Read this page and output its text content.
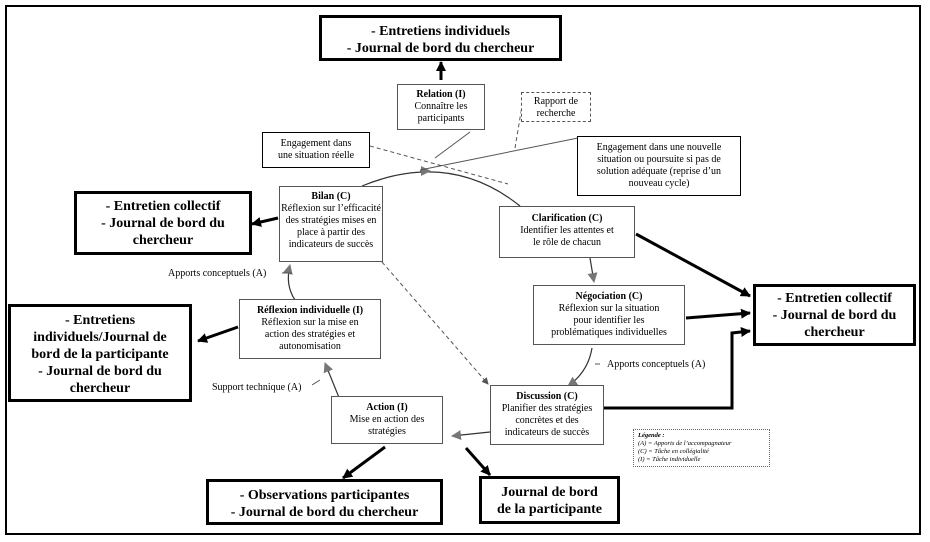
- Entretiens individuels
- Journal de bord du chercheur
- Entretien collectif
- Journal de bord du
chercheur
- Entretiens
individuels/Journal de
bord de la participante
- Journal de bord du
chercheur
- Observations participantes
- Journal de bord du chercheur
Journal de bord
de la participante
- Entretien collectif
- Journal de bord du
chercheur
Relation (I)
Connaître les
participants
Clarification (C)
Identifier les attentes et
le rôle de chacun
Négociation (C)
Réflexion sur la situation
pour identifier les
problématiques individuelles
Discussion (C)
Planifier des stratégies
concrètes et des
indicateurs de succès
Action (I)
Mise en action des
stratégies
Réflexion individuelle (I)
Réflexion sur la mise en
action des stratégies et
autonomisation
Bilan (C)
Réflexion sur l’efficacité
des stratégies mises en
place à partir des
indicateurs de succès
Rapport de
recherche
Engagement dans
une situation réelle
Engagement dans une nouvelle
situation ou poursuite si pas de
solution adéquate (reprise d’un
nouveau cycle)
Apports conceptuels (A)
Apports conceptuels (A)
Support technique (A)
Légende :
(A) = Apports de l’accompagnateur
(C) = Tâche en collégialité
(I) = Tâche individuelle
